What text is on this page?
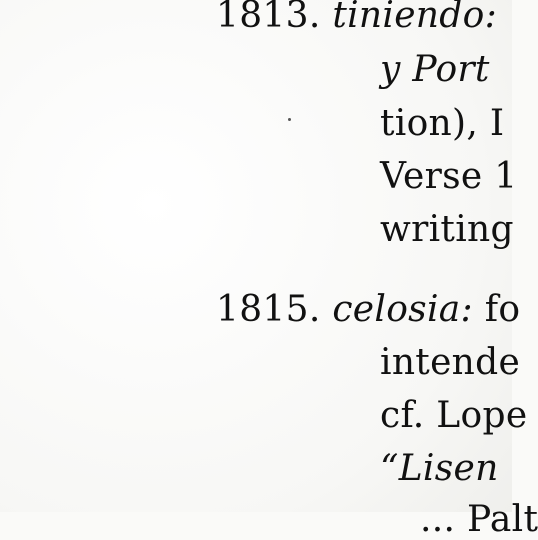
1813. tiniendo:
y Port
tion), I
Verse 1
writing
1815. celosia: fo
intende
cf. Lope
“Lisen
... Palt
